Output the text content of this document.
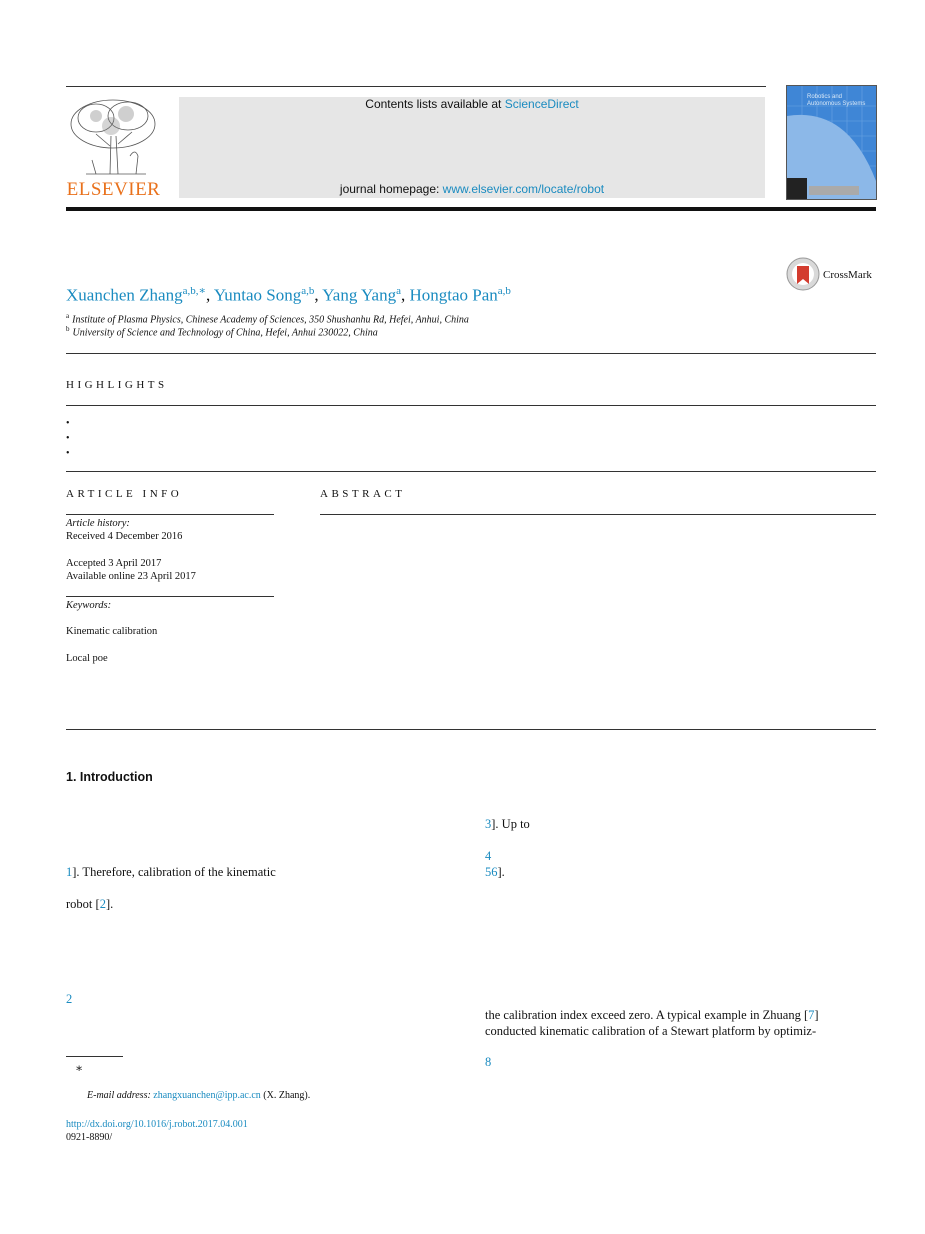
ELSEVIER
Contents lists available at ScienceDirect
journal homepage: www.elsevier.com/locate/robot
Robotics and Autonomous Systems
CrossMark
Xuanchen Zhang$^{a,b,∗}$, Yuntao Song$^{a,b}$, Yang Yang$^a$, Hongtao Pan$^{a,b}$
$^a$ Institute of Plasma Physics, Chinese Academy of Sciences, 350 Shushanhu Rd, Hefei, Anhui, China
$^b$ University of Science and Technology of China, Hefei, Anhui 230022, China
HIGHLIGHTS
•
•
•
ARTICLE INFO	ABSTRACT
Article history:
Received 4 December 2016
Accepted 3 April 2017
Available online 23 April 2017
Keywords:
Kinematic calibration
Local poe
1. Introduction
1]. Therefore, calibration of the kinematic
robot [2].
2
3]. Up to
4
56].
the calibration index exceed zero. A typical example in Zhuang [7]
conducted kinematic calibration of a Stewart platform by optimiz-
8
∗
E-mail address: zhangxuanchen@ipp.ac.cn (X. Zhang).
http://dx.doi.org/10.1016/j.robot.2017.04.001
0921-8890/
